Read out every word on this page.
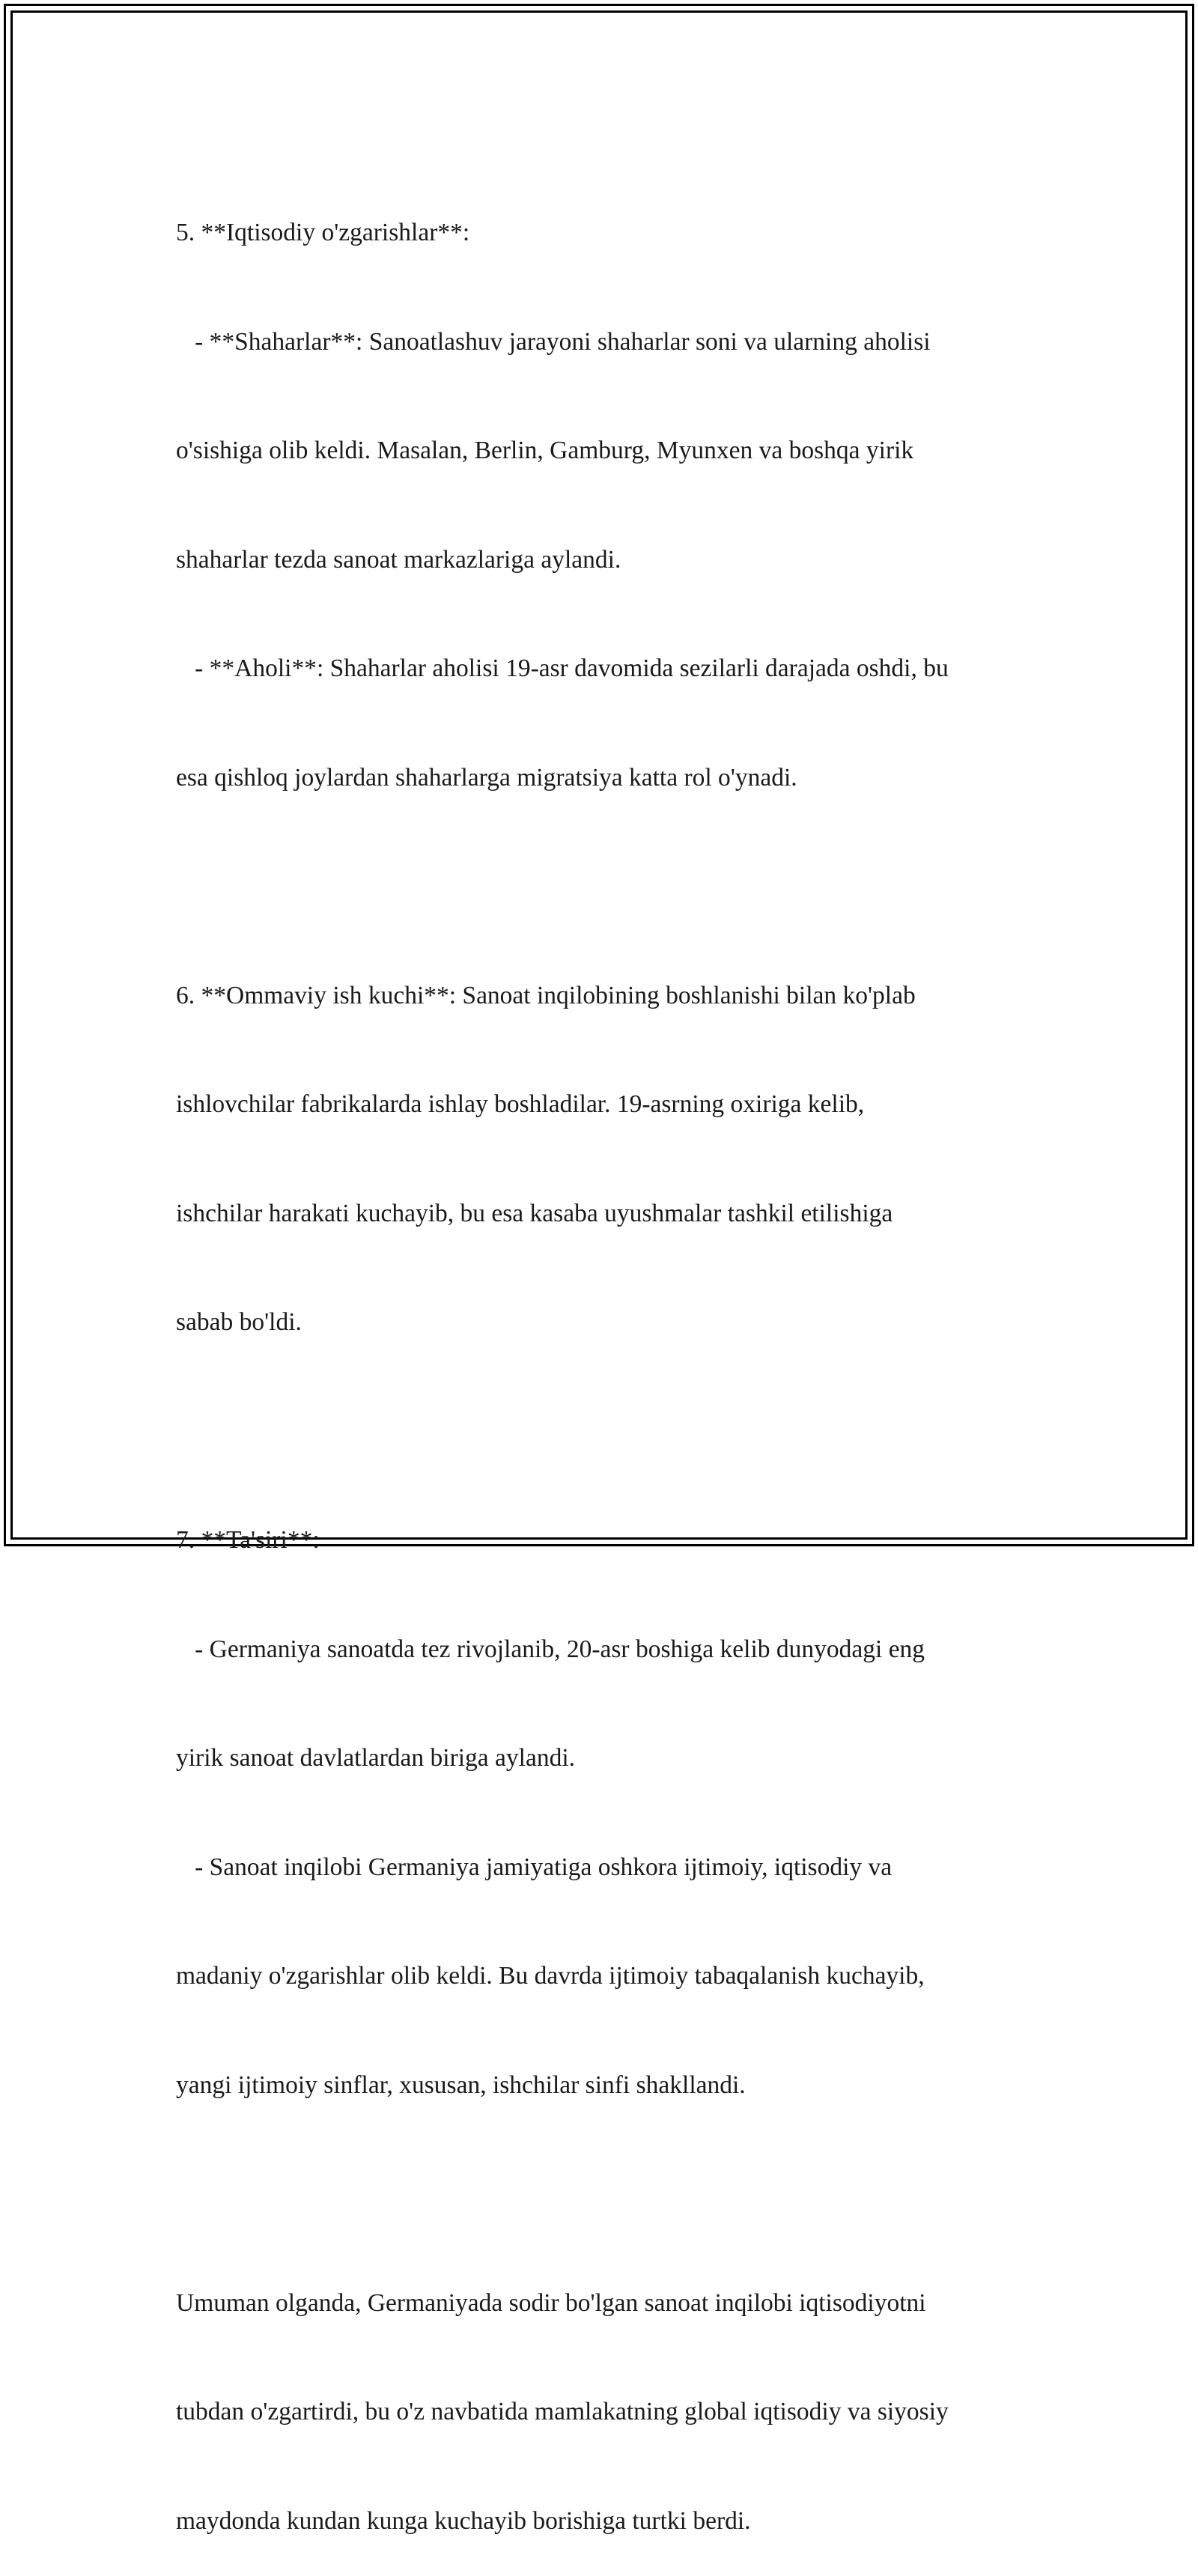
5. **Iqtisodiy o'zgarishlar**:

- **Shaharlar**: Sanoatlashuv jarayoni shaharlar soni va ularning aholisi

o'sishiga olib keldi. Masalan, Berlin, Gamburg, Myunxen va boshqa yirik

shaharlar tezda sanoat markazlariga aylandi.

- **Aholi**: Shaharlar aholisi 19-asr davomida sezilarli darajada oshdi, bu

esa qishloq joylardan shaharlarga migratsiya katta rol o'ynadi.

6. **Ommaviy ish kuchi**: Sanoat inqilobining boshlanishi bilan ko'plab

ishlovchilar fabrikalarda ishlay boshladilar. 19-asrning oxiriga kelib,

ishchilar harakati kuchayib, bu esa kasaba uyushmalar tashkil etilishiga

sabab bo'ldi.

7. **Ta'siri**:

- Germaniya sanoatda tez rivojlanib, 20-asr boshiga kelib dunyodagi eng

yirik sanoat davlatlardan biriga aylandi.

- Sanoat inqilobi Germaniya jamiyatiga oshkora ijtimoiy, iqtisodiy va

madaniy o'zgarishlar olib keldi. Bu davrda ijtimoiy tabaqalanish kuchayib,

yangi ijtimoiy sinflar, xususan, ishchilar sinfi shakllandi.

Umuman olganda, Germaniyada sodir bo'lgan sanoat inqilobi iqtisodiyotni

tubdan o'zgartirdi, bu o'z navbatida mamlakatning global iqtisodiy va siyosiy

maydonda kundan kunga kuchayib borishiga turtki berdi.
